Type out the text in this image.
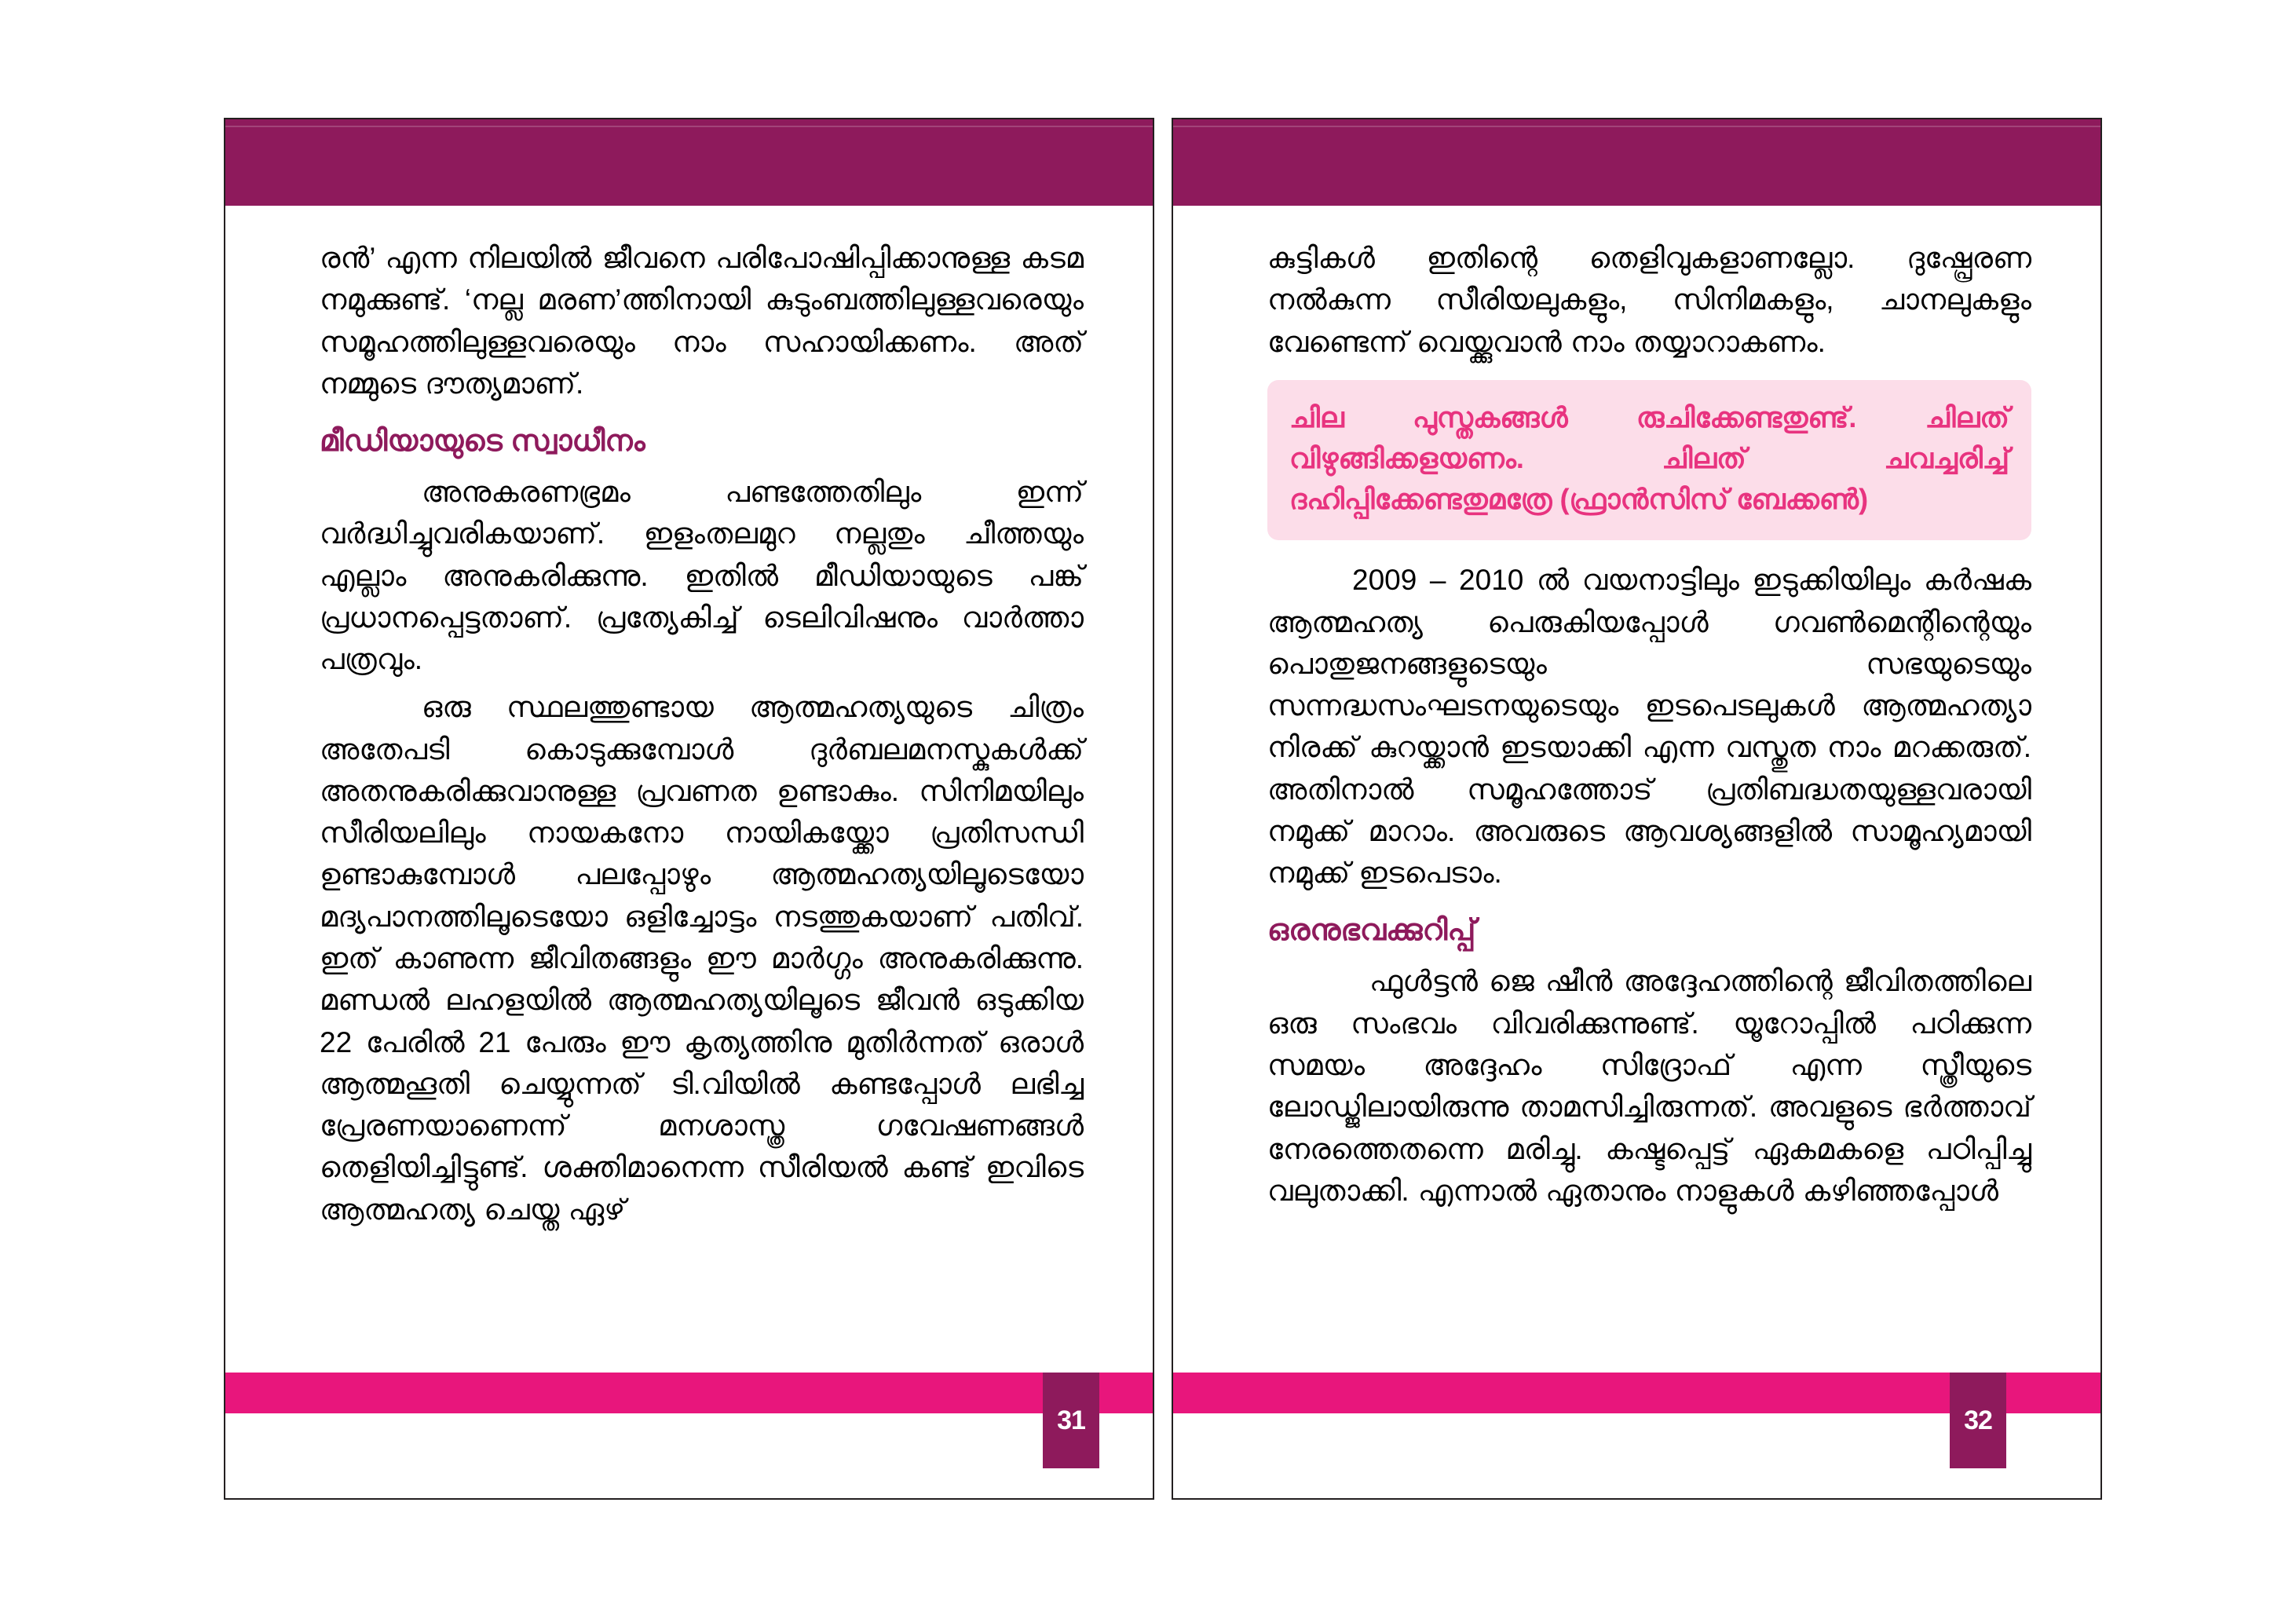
രൻ’ എന്ന നിലയിൽ ജീവനെ പരിപോഷിപ്പിക്കാനുള്ള കടമ നമുക്കുണ്ട്. ‘നല്ല മരണ’ത്തിനായി കുടുംബത്തിലുള്ളവരെയും സമൂഹത്തിലുള്ളവരെയും നാം സഹായിക്കണം. അത് നമ്മുടെ ദൗത്യമാണ്.

മീഡിയായുടെ സ്വാധീനം

അനുകരണഭ്രമം പണ്ടത്തേതിലും ഇന്ന് വർദ്ധിച്ചുവരികയാണ്. ഇളംതലമുറ നല്ലതും ചീത്തയും എല്ലാം അനുകരിക്കുന്നു. ഇതിൽ മീഡിയായുടെ പങ്ക് പ്രധാനപ്പെട്ടതാണ്. പ്രത്യേകിച്ച് ടെലിവിഷനും വാർത്താ പത്രവും.

ഒരു സ്ഥലത്തുണ്ടായ ആത്മഹത്യയുടെ ചിത്രം അതേപടി കൊടുക്കുമ്പോൾ ദുർബലമനസ്കുകൾക്ക് അതനുകരിക്കുവാനുള്ള പ്രവണത ഉണ്ടാകും. സിനിമയിലും സീരിയലിലും നായകനോ നായികയ്ക്കോ പ്രതിസന്ധി ഉണ്ടാകുമ്പോൾ പലപ്പോഴും ആത്മഹത്യയിലൂടെയോ മദ്യപാനത്തിലൂടെയോ ഒളിച്ചോട്ടം നടത്തുകയാണ് പതിവ്. ഇത് കാണുന്ന ജീവിതങ്ങളും ഈ മാർഗ്ഗം അനുകരിക്കുന്നു. മണ്ഡൽ ലഹളയിൽ ആത്മഹത്യയിലൂടെ ജീവൻ ഒടുക്കിയ 22 പേരിൽ 21 പേരും ഈ കൃത്യത്തിനു മുതിർന്നത് ഒരാൾ ആത്മഹൂതി ചെയ്യുന്നത് ടി.വിയിൽ കണ്ടപ്പോൾ ലഭിച്ച പ്രേരണയാണെന്ന് മനശാസ്ത്ര ഗവേഷണങ്ങൾ തെളിയിച്ചിട്ടുണ്ട്. ശക്തിമാനെന്ന സീരിയൽ കണ്ട് ഇവിടെ ആത്മഹത്യ ചെയ്ത ഏഴ്

31

കുട്ടികൾ ഇതിന്റെ തെളിവുകളാണല്ലോ. ദുഷ്പ്രേരണ നൽകുന്ന സീരിയലുകളും, സിനിമകളും, ചാനലുകളും വേണ്ടെന്ന് വെയ്ക്കുവാൻ നാം തയ്യാറാകണം.

ചില പുസ്തകങ്ങൾ രുചിക്കേണ്ടതുണ്ട്. ചിലത് വിഴുങ്ങിക്കളയണം. ചിലത് ചവച്ചരിച്ച് ദഹിപ്പിക്കേണ്ടതുമത്രേ (ഫ്രാൻസിസ് ബേക്കൺ)

2009 – 2010 ൽ വയനാട്ടിലും ഇടുക്കിയിലും കർഷക ആത്മഹത്യ പെരുകിയപ്പോൾ ഗവൺമെന്റിന്റെയും പൊതുജനങ്ങളുടെയും സഭയുടെയും സന്നദ്ധസംഘടനയുടെയും ഇടപെടലുകൾ ആത്മഹത്യാ നിരക്ക് കുറയ്ക്കാൻ ഇടയാക്കി എന്ന വസ്തുത നാം മറക്കരുത്. അതിനാൽ സമൂഹത്തോട് പ്രതിബദ്ധതയുള്ളവരായി നമുക്ക് മാറാം. അവരുടെ ആവശ്യങ്ങളിൽ സാമൂഹ്യമായി നമുക്ക് ഇടപെടാം.

ഒരനുഭവക്കുറിപ്പ്

ഫുൾട്ടൻ ജെ ഷീൻ അദ്ദേഹത്തിന്റെ ജീവിതത്തിലെ ഒരു സംഭവം വിവരിക്കുന്നുണ്ട്. യൂറോപ്പിൽ പഠിക്കുന്ന സമയം അദ്ദേഹം സിദ്രോഫ് എന്ന സ്ത്രീയുടെ ലോഡ്ജിലായിരുന്നു താമസിച്ചിരുന്നത്. അവളുടെ ഭർത്താവ് നേരത്തെതന്നെ മരിച്ചു. കഷ്ടപ്പെട്ട് ഏകമകളെ പഠിപ്പിച്ചു വലുതാക്കി. എന്നാൽ ഏതാനും നാളുകൾ കഴിഞ്ഞപ്പോൾ

32
